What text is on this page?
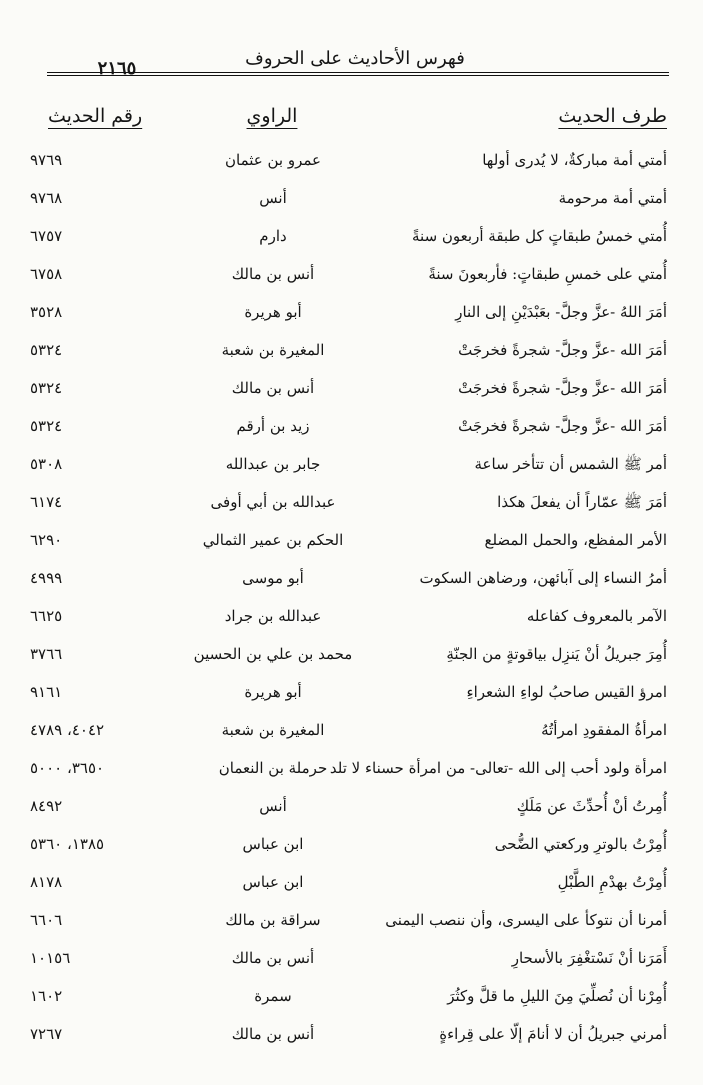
فهرس الأحاديث على الحروف
٢١٦٥
طرف الحديث
الراوي
رقم الحديث
أمتي أمة مباركةٌ، لا يُدرى أولها
عمرو بن عثمان
٩٧٦٩
أمتي أمة مرحومة
أنس
٩٧٦٨
أُمتي خمسُ طبقاتٍ كل طبقة أربعون سنةً
دارم
٦٧٥٧
أُمتي على خمسِ طبقاتٍ: فأربعونَ سنةً
أنس بن مالك
٦٧٥٨
أمَرَ اللهُ -عزَّ وجلَّ- بعَبْدَيْنِ إلى النارِ
أبو هريرة
٣٥٢٨
أمَرَ الله -عزَّ وجلَّ- شجرةً فخرجَتْ
المغيرة بن شعبة
٥٣٢٤
أمَرَ الله -عزَّ وجلَّ- شجرةً فخرجَتْ
أنس بن مالك
٥٣٢٤
أمَرَ الله -عزَّ وجلَّ- شجرةً فخرجَتْ
زيد بن أرقم
٥٣٢٤
أمر ﷺ الشمس أن تتأخر ساعة
جابر بن عبدالله
٥٣٠٨
أمَرَ ﷺ عمّاراً أن يفعلَ هكذا
عبدالله بن أبي أوفى
٦١٧٤
الأمر المفظع، والحمل المضلع
الحكم بن عمير الثمالي
٦٢٩٠
أمرُ النساء إلى آبائهن، ورضاهن السكوت
أبو موسى
٤٩٩٩
الآمر بالمعروف كفاعله
عبدالله بن جراد
٦٦٢٥
أُمِرَ جبريلُ أنْ يَنزِل بياقوتةٍ من الجنّةِ
محمد بن علي بن الحسين
٣٧٦٦
امرؤ القيس صاحبُ لواءِ الشعراءِ
أبو هريرة
٩١٦١
امرأةُ المفقودِ امرأتُهُ
المغيرة بن شعبة
٤٠٤٢، ٤٧٨٩
امرأة ولود أحب إلى الله -تعالى- من امرأة حسناء لا تلد
حرملة بن النعمان
٣٦٥٠، ٥٠٠٠
أُمِرتُ أنْ أُحدِّثَ عن مَلَكٍ
أنس
٨٤٩٢
أُمِرْتُ بالوترِ وركعتي الضُّحى
ابن عباس
١٣٨٥، ٥٣٦٠
أُمِرْتُ بهدْمِ الطَّبْلِ
ابن عباس
٨١٧٨
أمرنا أن نتوكأ على اليسرى، وأن ننصب اليمنى
سراقة بن مالك
٦٦٠٦
أَمَرَنا أنْ نَسْتغْفِرَ بالأسحارِ
أنس بن مالك
١٠١٥٦
أُمِرْنا أن نُصلِّيَ مِنَ الليلِ ما قلَّ وكثُرَ
سمرة
١٦٠٢
أمرني جبريلُ أن لا أنامَ إلّا على قِراءةٍ
أنس بن مالك
٧٢٦٧
